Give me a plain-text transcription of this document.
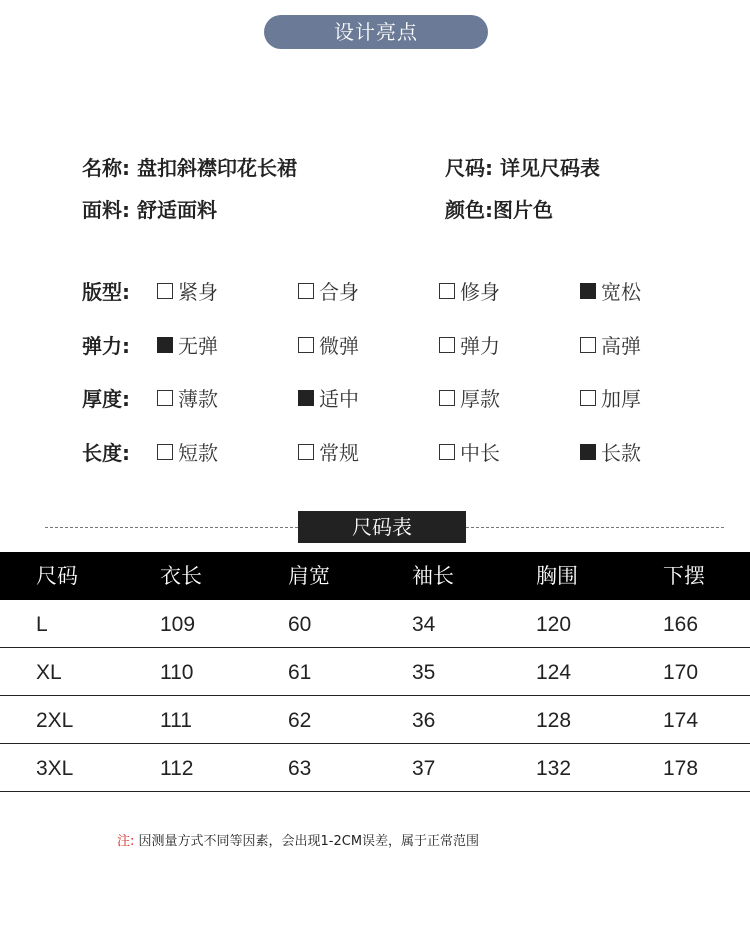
设计亮点
名称: 盘扣斜襟印花长裙	尺码: 详见尺码表
面料: 舒适面料	颜色:图片色
版型: 紧身	合身	修身	宽松
弹力: 无弹	微弹	弹力	高弹
厚度: 薄款	适中	厚款	加厚
长度: 短款	常规	中长	长款
尺码表
尺码	衣长	肩宽	袖长	胸围	下摆
L	109	60	34	120	166
XL	110	61	35	124	170
2XL	111	62	36	128	174
3XL	112	63	37	132	178
注: 因测量方式不同等因素，会出现1-2CM误差，属于正常范围
